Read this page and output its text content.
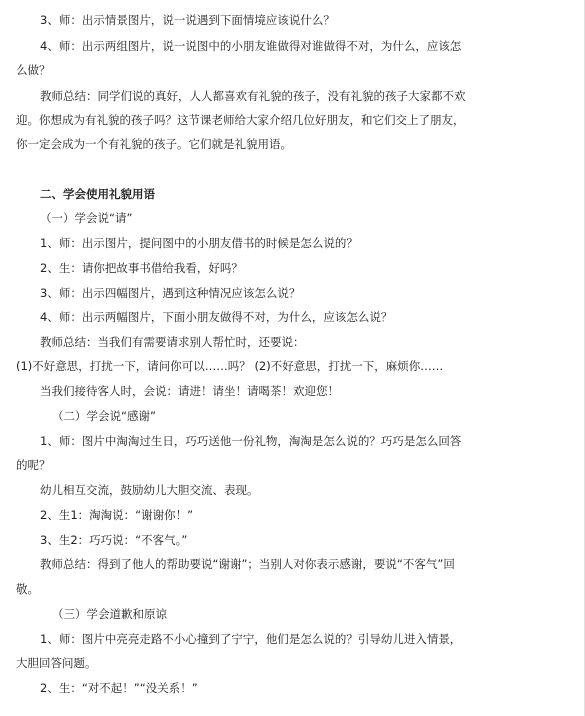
3、师：出示情景图片，说一说遇到下面情境应该说什么？
4、师：出示两组图片，说一说图中的小朋友谁做得对谁做得不对，为什么，应该怎
么做？
教师总结：同学们说的真好，人人都喜欢有礼貌的孩子，没有礼貌的孩子大家都不欢
迎。你想成为有礼貌的孩子吗？这节课老师给大家介绍几位好朋友，和它们交上了朋友，
你一定会成为一个有礼貌的孩子。它们就是礼貌用语。
二、学会使用礼貌用语
（一）学会说“请”
1、师：出示图片，提问图中的小朋友借书的时候是怎么说的？
2、生：请你把故事书借给我看，好吗？
3、师：出示四幅图片，遇到这种情况应该怎么说？
4、师：出示两幅图片，下面小朋友做得不对，为什么，应该怎么说？
教师总结：当我们有需要请求别人帮忙时，还要说：
(1)不好意思，打扰一下，请问你可以……吗？ (2)不好意思，打扰一下，麻烦你……
当我们接待客人时，会说：请进！请坐！请喝茶！欢迎您！
（二）学会说“感谢”
1、师：图片中淘淘过生日，巧巧送他一份礼物，淘淘是怎么说的？巧巧是怎么回答
的呢？
幼儿相互交流，鼓励幼儿大胆交流、表现。
2、生1：淘淘说：“谢谢你！”
3、生2：巧巧说：“不客气。”
教师总结：得到了他人的帮助要说“谢谢”；当别人对你表示感谢，要说“不客气”回
敬。
（三）学会道歉和原谅
1、师：图片中亮亮走路不小心撞到了宁宁，他们是怎么说的？引导幼儿进入情景，
大胆回答问题。
2、生：“对不起！”“没关系！”
